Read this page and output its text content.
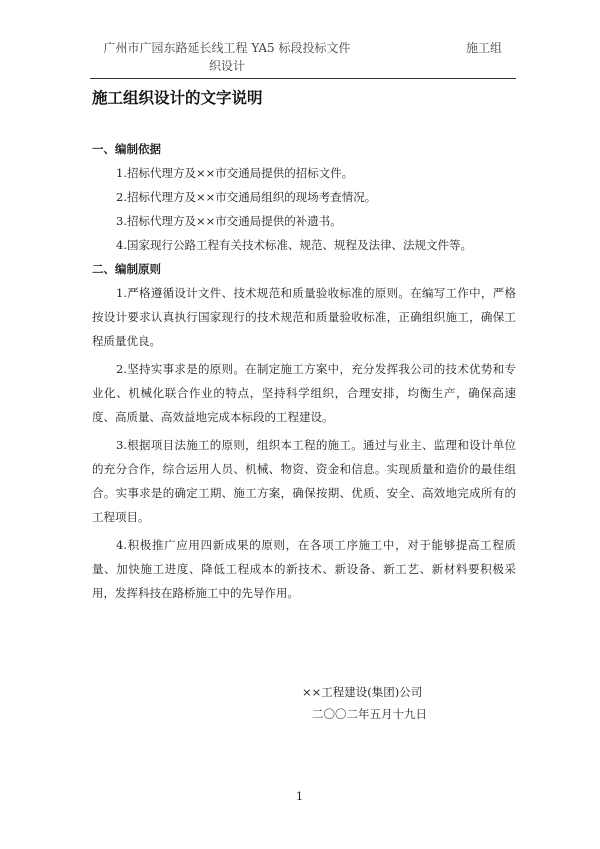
广州市广园东路延长线工程 YA5 标段投标文件
织设计
施工组
施工组织设计的文字说明
一、编制依据
1.招标代理方及××市交通局提供的招标文件。
2.招标代理方及××市交通局组织的现场考查情况。
3.招标代理方及××市交通局提供的补遗书。
4.国家现行公路工程有关技术标准、规范、规程及法律、法规文件等。
二、编制原则

1.严格遵循设计文件、技术规范和质量验收标准的原则。在编写工作中，严格按设计要求认真执行国家现行的技术规范和质量验收标准，正确组织施工，确保工程质量优良。

2.坚持实事求是的原则。在制定施工方案中，充分发挥我公司的技术优势和专业化、机械化联合作业的特点，坚持科学组织，合理安排，均衡生产，确保高速度、高质量、高效益地完成本标段的工程建设。

3.根据项目法施工的原则，组织本工程的施工。通过与业主、监理和设计单位的充分合作，综合运用人员、机械、物资、资金和信息。实现质量和造价的最佳组合。实事求是的确定工期、施工方案，确保按期、优质、安全、高效地完成所有的工程项目。

4.积极推广应用四新成果的原则，在各项工序施工中，对于能够提高工程质量、加快施工进度、降低工程成本的新技术、新设备、新工艺、新材料要积极采用，发挥科技在路桥施工中的先导作用。

××工程建设(集团)公司
二〇〇二年五月十九日
1
